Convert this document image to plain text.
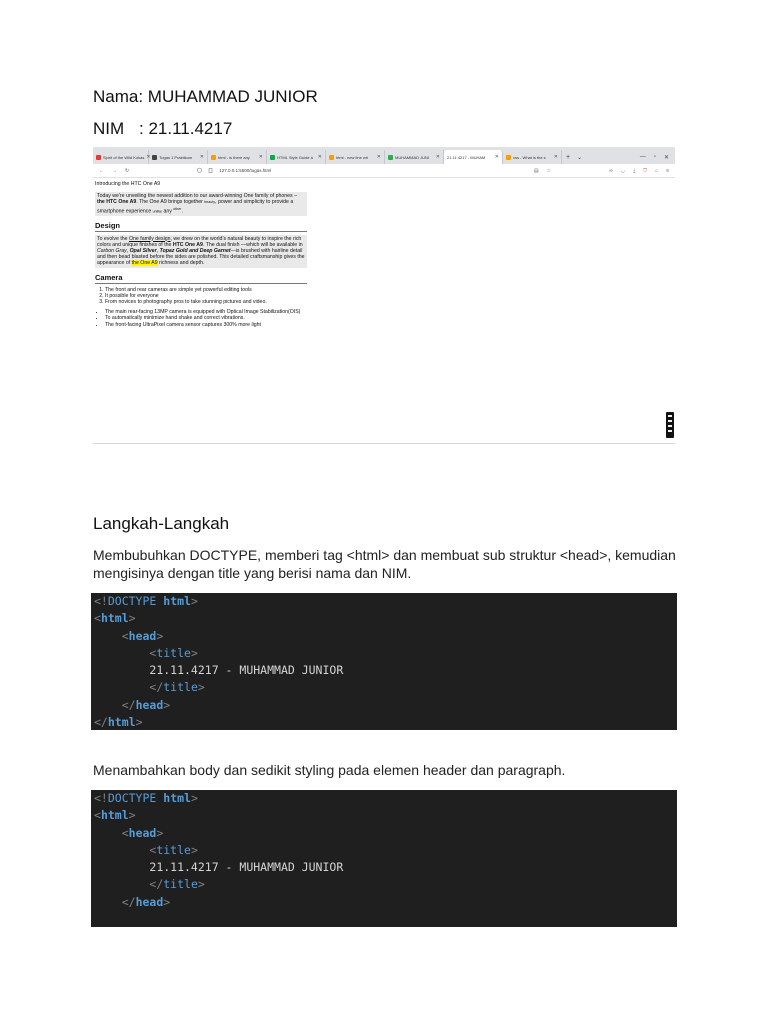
Nama: MUHAMMAD JUNIOR
NIM : 21.11.4217
Spirit of the Wild Kokas ✕ Tugas 1 Praktikum ✕	html - is there any ✕	HTML Style Guide a ✕	html - new line wit ✕	MUHAMMAD JUNI ✕ 21.11.4217 - MUHAM ✕	css - What is the s ✕	+	⌄	— ▫ ✕
← → ↻	127.0.0.1:5500/tugas.html	▤ ☆	∞ ◡ ⤓ ⛉ ⌂ ≡

Introducing the HTC One A9

Today we're unveiling the newest addition to our award-winning One family of phones – the HTC One A9. The One A9 brings together beauty, power and simplicity to provide a smartphone experience unlike any $^{other}$.
Design
To evolve the One family design, we drew on the world's natural beauty to inspire the rich colors and unique finishes of the HTC One A9. The dual finish —which will be available in Carbon Gray, Opal Silver, Topaz Gold and Deep Garnet—is brushed with hairline detail and then bead blasted before the sides are polished. This detailed craftsmanship gives the appearance of the One A9 richness and depth.
Camera
1. The front and rear cameras are simple yet powerful editing tools
2. It possible for everyone
3. From novices to photography pros to take stunning pictures and video.
• The main rear-facing 13MP camera is equipped with Optical Image Stabilization(OIS)
• To automatically minimize hand shake and correct vibrations.
• The front-facing UltraPixel camera sensor captures 300% more light
Langkah-Langkah
Membubuhkan DOCTYPE, memberi tag <html> dan membuat sub struktur <head>, kemudian mengisinya dengan title yang berisi nama dan NIM.
<!DOCTYPE html>
<html>
<head>
<title>
21.11.4217 - MUHAMMAD JUNIOR
</title>
</head>
</html>
Menambahkan body dan sedikit styling pada elemen header dan paragraph.
<!DOCTYPE html>
<html>
<head>
<title>
21.11.4217 - MUHAMMAD JUNIOR
</title>
</head>
